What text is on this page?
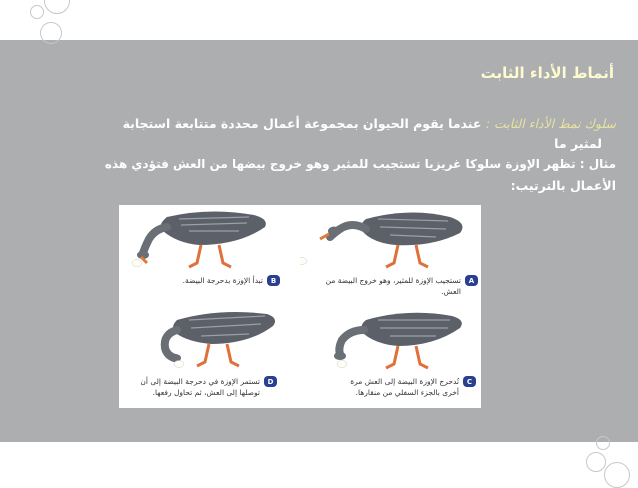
أنماط الأداء الثابت
سلوك نمط الأداء الثابت : عندما يقوم الحيوان بمجموعة أعمال محددة متتابعة استجابة
لمثير ما
مثال : تظهر الإوزة سلوكا غريزيا تستجيب للمثير وهو خروج بيضها من العش فتؤدي هذه
الأعمال بالترتيب:
B
تبدأ الإوزة بدحرجة البيضة.	A
تستجيب الإوزة للمثير، وهو خروج البيضة من
العش.
D
تستمر الإوزة في دحرجة البيضة إلى أن
توصلها إلى العش، ثم تحاول رفعها.
C
تُدحرج الإوزة البيضة إلى العش مرة
أخرى بالجزء السفلي من منقارها.
